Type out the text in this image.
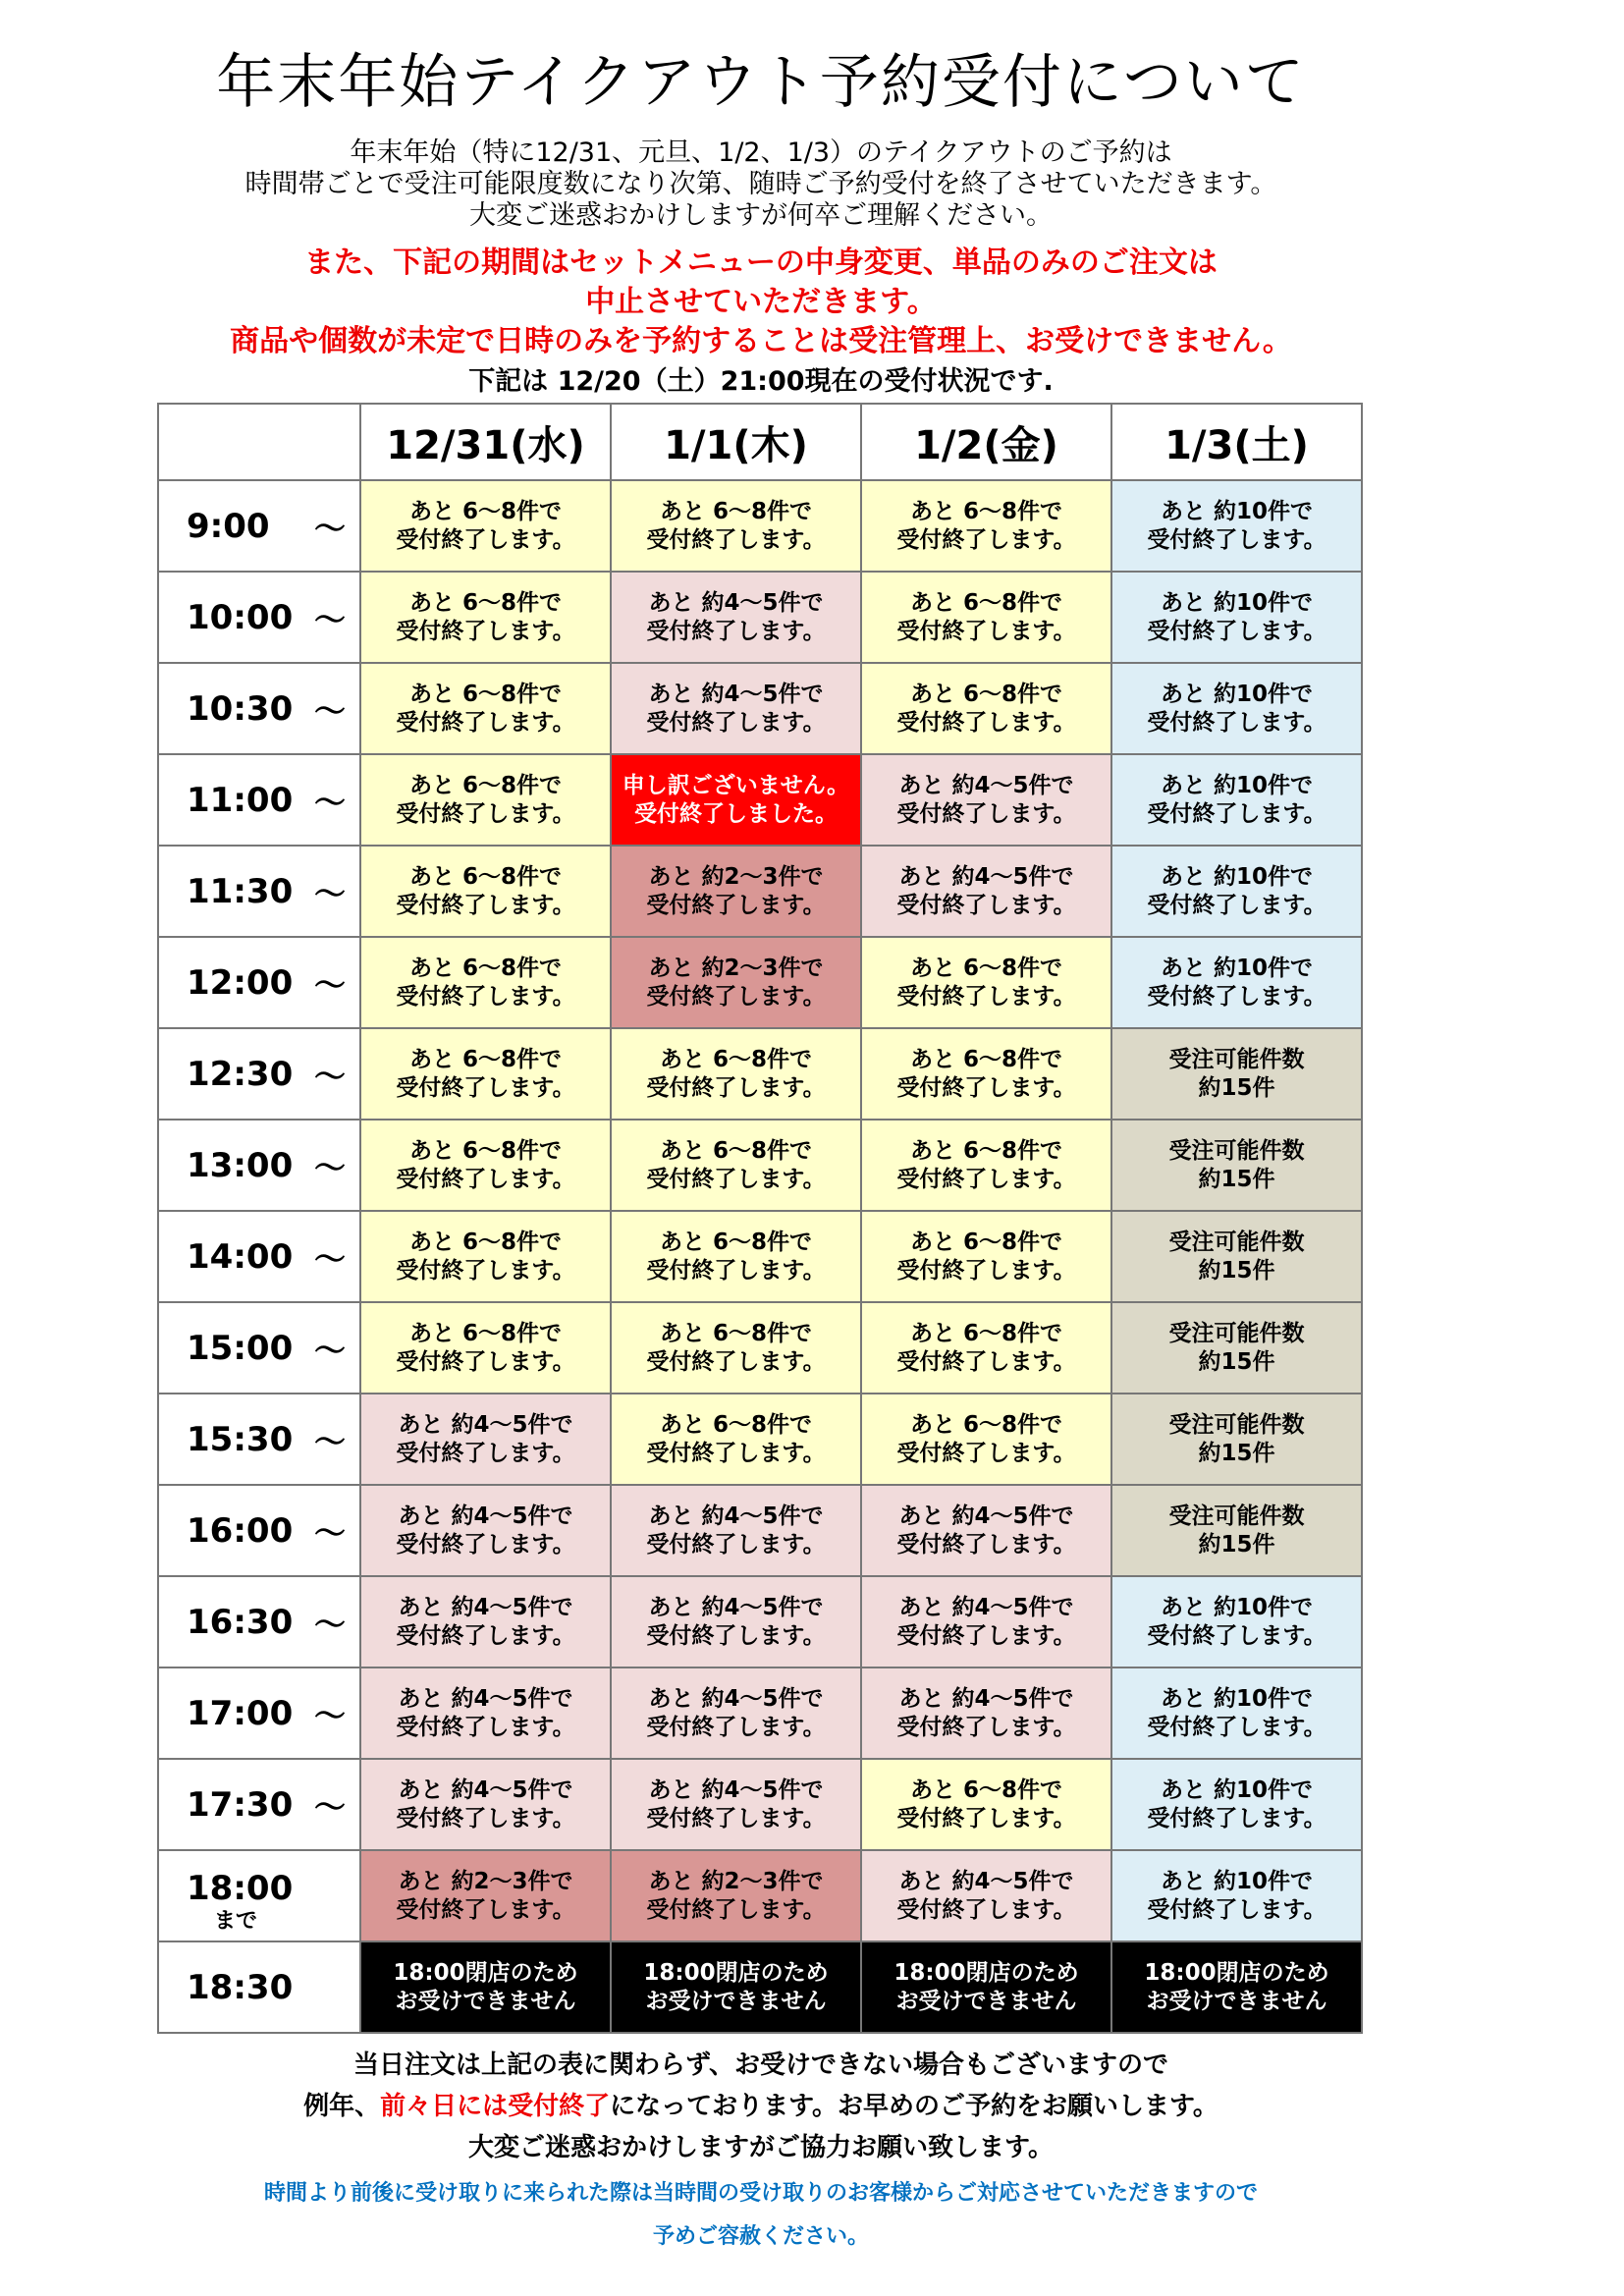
年末年始テイクアウト予約受付について
年末年始（特に12/31、元旦、1/2、1/3）のテイクアウトのご予約は
時間帯ごとで受注可能限度数になり次第、随時ご予約受付を終了させていただきます。
大変ご迷惑おかけしますが何卒ご理解ください。
また、下記の期間はセットメニューの中身変更、単品のみのご注文は
中止させていただきます。
商品や個数が未定で日時のみを予約することは受注管理上、お受けできません。
下記は 12/20（土）21:00現在の受付状況です.
	12/31(水)	1/1(木)	1/2(金)	1/3(土)

9:00 ～	あと 6～8件で
受付終了します。	あと 6～8件で
受付終了します。	あと 6～8件で
受付終了します。	あと 約10件で
受付終了します。

10:00 ～	あと 6～8件で
受付終了します。	あと 約4～5件で
受付終了します。	あと 6～8件で
受付終了します。	あと 約10件で
受付終了します。

10:30 ～	あと 6～8件で
受付終了します。	あと 約4～5件で
受付終了します。	あと 6～8件で
受付終了します。	あと 約10件で
受付終了します。

11:00 ～	あと 6～8件で
受付終了します。	申し訳ございません。
受付終了しました。	あと 約4～5件で
受付終了します。	あと 約10件で
受付終了します。

11:30 ～	あと 6～8件で
受付終了します。	あと 約2～3件で
受付終了します。	あと 約4～5件で
受付終了します。	あと 約10件で
受付終了します。

12:00 ～	あと 6～8件で
受付終了します。	あと 約2～3件で
受付終了します。	あと 6～8件で
受付終了します。	あと 約10件で
受付終了します。

12:30 ～	あと 6～8件で
受付終了します。	あと 6～8件で
受付終了します。	あと 6～8件で
受付終了します。	受注可能件数
約15件

13:00 ～	あと 6～8件で
受付終了します。	あと 6～8件で
受付終了します。	あと 6～8件で
受付終了します。	受注可能件数
約15件

14:00 ～	あと 6～8件で
受付終了します。	あと 6～8件で
受付終了します。	あと 6～8件で
受付終了します。	受注可能件数
約15件

15:00 ～	あと 6～8件で
受付終了します。	あと 6～8件で
受付終了します。	あと 6～8件で
受付終了します。	受注可能件数
約15件

15:30 ～	あと 約4～5件で
受付終了します。	あと 6～8件で
受付終了します。	あと 6～8件で
受付終了します。	受注可能件数
約15件

16:00 ～	あと 約4～5件で
受付終了します。	あと 約4～5件で
受付終了します。	あと 約4～5件で
受付終了します。	受注可能件数
約15件

16:30 ～	あと 約4～5件で
受付終了します。	あと 約4～5件で
受付終了します。	あと 約4～5件で
受付終了します。	あと 約10件で
受付終了します。

17:00 ～	あと 約4～5件で
受付終了します。	あと 約4～5件で
受付終了します。	あと 約4～5件で
受付終了します。	あと 約10件で
受付終了します。

17:30 ～	あと 約4～5件で
受付終了します。	あと 約4～5件で
受付終了します。	あと 6～8件で
受付終了します。	あと 約10件で
受付終了します。

18:00
まで	あと 約2～3件で
受付終了します。	あと 約2～3件で
受付終了します。	あと 約4～5件で
受付終了します。	あと 約10件で
受付終了します。

18:30	18:00閉店のため
お受けできません	18:00閉店のため
お受けできません	18:00閉店のため
お受けできません	18:00閉店のため
お受けできません
当日注文は上記の表に関わらず、お受けできない場合もございますので
例年、前々日には受付終了になっております。お早めのご予約をお願いします。
大変ご迷惑おかけしますがご協力お願い致します。
時間より前後に受け取りに来られた際は当時間の受け取りのお客様からご対応させていただきますので
予めご容赦ください。
